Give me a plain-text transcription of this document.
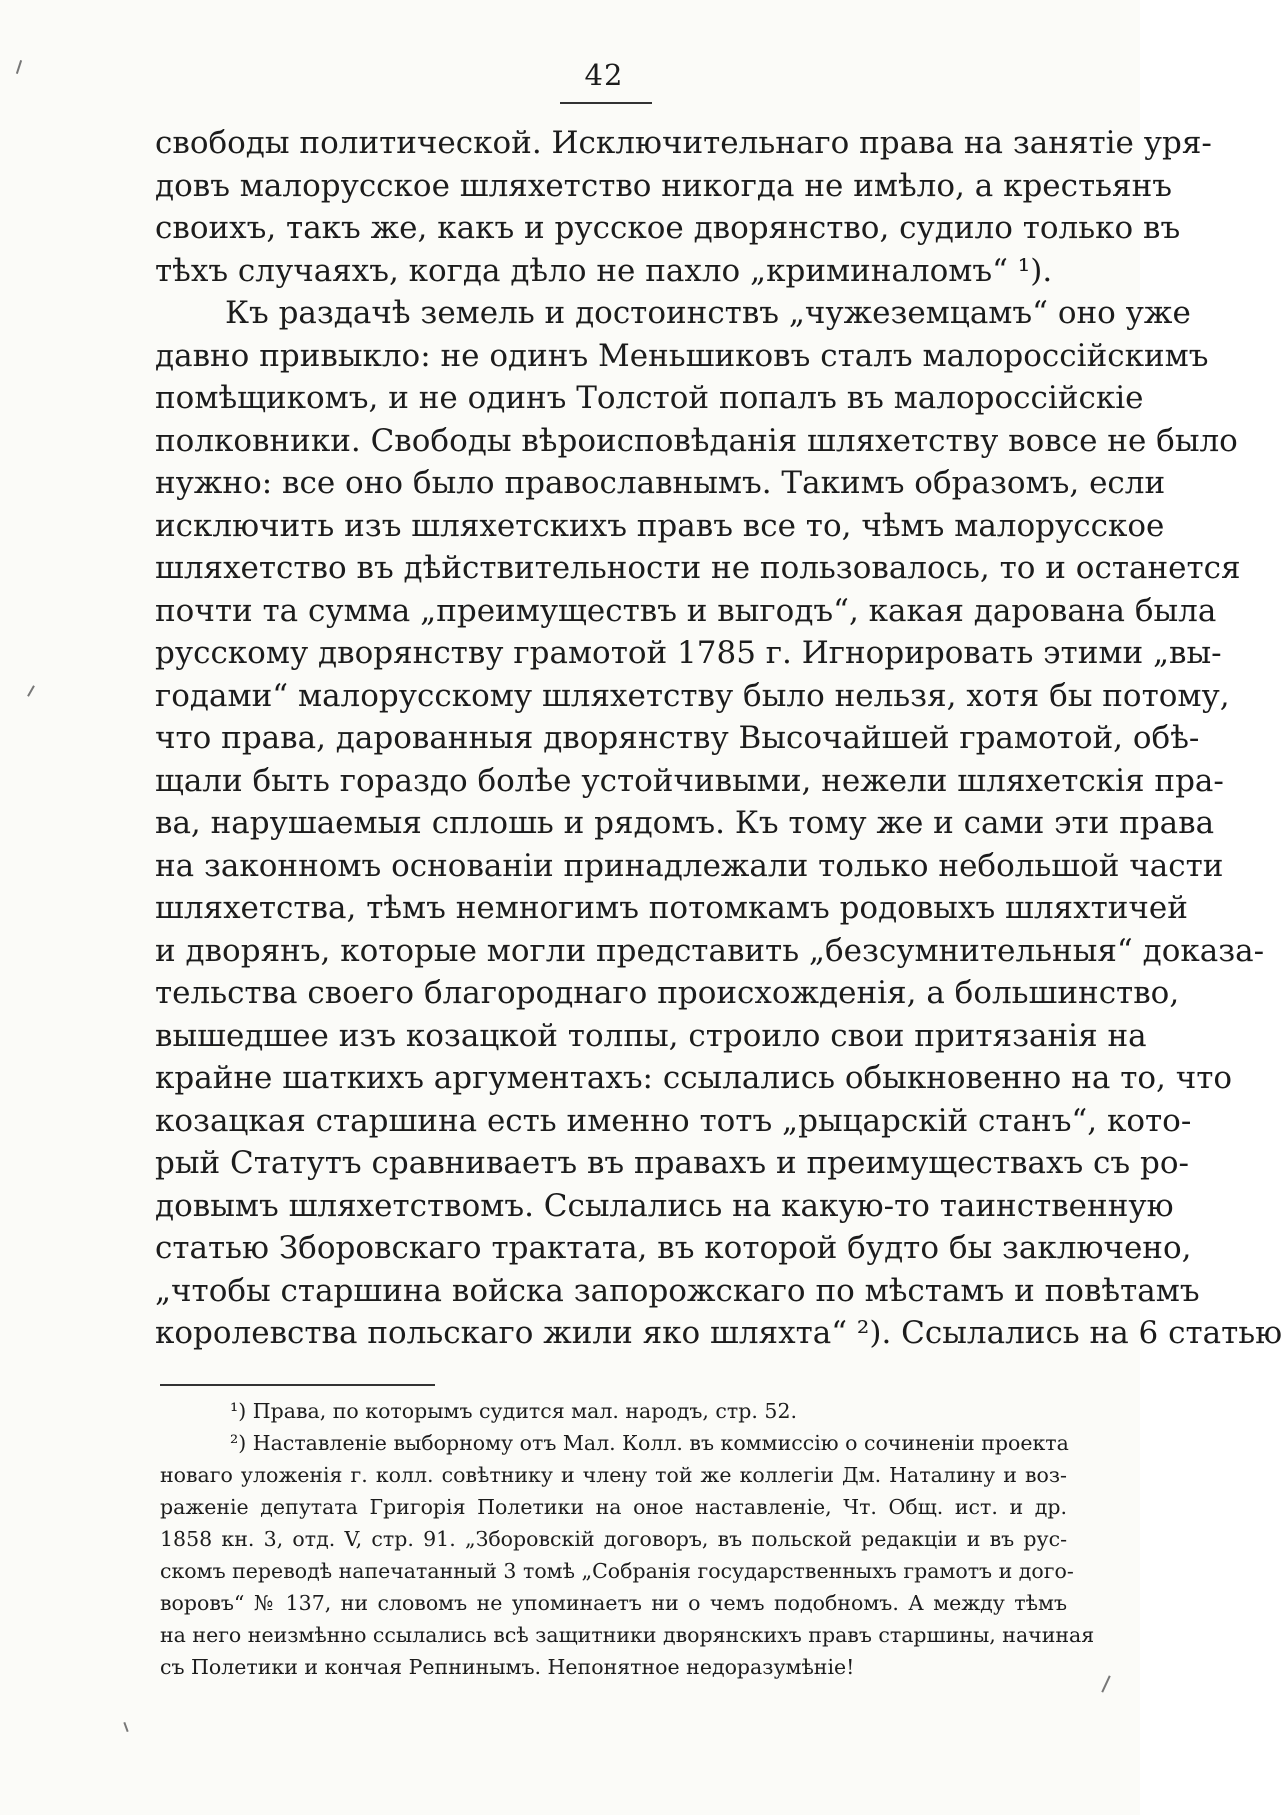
42
свободы политической. Исключительнаго права на занятіе уря-
довъ малорусское шляхетство никогда не имѣло, а крестьянъ
своихъ, такъ же, какъ и русское дворянство, судило только въ
тѣхъ случаяхъ, когда дѣло не пахло „криминаломъ“ ¹).
Къ раздачѣ земель и достоинствъ „чужеземцамъ“ оно уже
давно привыкло: не одинъ Меньшиковъ сталъ малороссійскимъ
помѣщикомъ, и не одинъ Толстой попалъ въ малороссійскіе
полковники. Свободы вѣроисповѣданія шляхетству вовсе не было
нужно: все оно было православнымъ. Такимъ образомъ, если
исключить изъ шляхетскихъ правъ все то, чѣмъ малорусское
шляхетство въ дѣйствительности не пользовалось, то и останется
почти та сумма „преимуществъ и выгодъ“, какая дарована была
русскому дворянству грамотой 1785 г. Игнорировать этими „вы-
годами“ малорусскому шляхетству было нельзя, хотя бы потому,
что права, дарованныя дворянству Высочайшей грамотой, обѣ-
щали быть гораздо болѣе устойчивыми, нежели шляхетскія пра-
ва, нарушаемыя сплошь и рядомъ. Къ тому же и сами эти права
на законномъ основаніи принадлежали только небольшой части
шляхетства, тѣмъ немногимъ потомкамъ родовыхъ шляхтичей
и дворянъ, которые могли представить „безсумнительныя“ доказа-
тельства своего благороднаго происхожденія, а большинство,
вышедшее изъ козацкой толпы, строило свои притязанія на
крайне шаткихъ аргументахъ: ссылались обыкновенно на то, что
козацкая старшина есть именно тотъ „рыцарскій станъ“, кото-
рый Статутъ сравниваетъ въ правахъ и преимуществахъ съ ро-
довымъ шляхетствомъ. Ссылались на какую-то таинственную
статью Зборовскаго трактата, въ которой будто бы заключено,
„чтобы старшина войска запорожскаго по мѣстамъ и повѣтамъ
королевства польскаго жили яко шляхта“ ²). Ссылались на 6 статью
¹) Права, по которымъ судится мал. народъ, стр. 52.
²) Наставленіе выборному отъ Мал. Колл. въ коммиссію о сочиненіи проекта
новаго уложенія г. колл. совѣтнику и члену той же коллегіи Дм. Наталину и воз-
раженіе депутата Григорія Полетики на оное наставленіе, Чт. Общ. ист. и др.
1858 кн. 3, отд. V, стр. 91. „Зборовскій договоръ, въ польской редакціи и въ рус-
скомъ переводѣ напечатанный 3 томѣ „Собранія государственныхъ грамотъ и дого-
воровъ“ № 137, ни словомъ не упоминаетъ ни о чемъ подобномъ. А между тѣмъ
на него неизмѣнно ссылались всѣ защитники дворянскихъ правъ старшины, начиная
съ Полетики и кончая Репнинымъ. Непонятное недоразумѣніе!
